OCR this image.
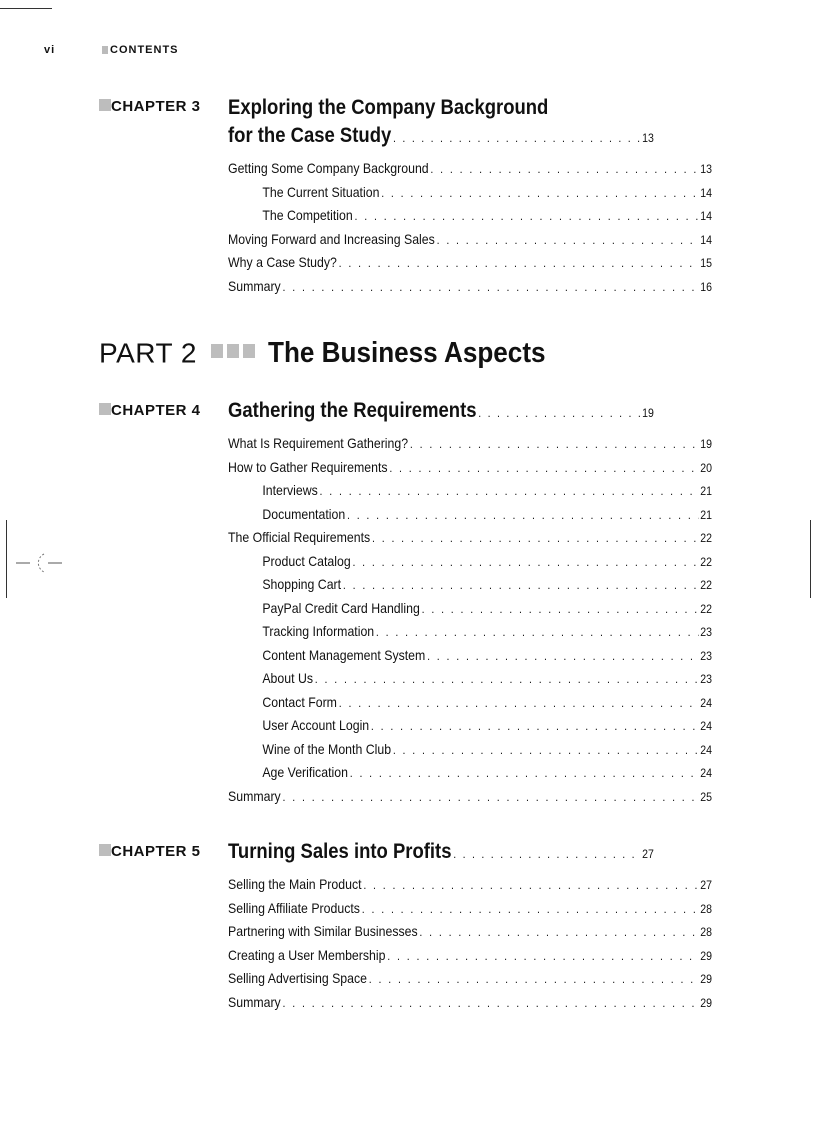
vi	CONTENTS
CHAPTER 3 Exploring the Company Background
for the Case Study . . .	13
Getting Some Company Background . . .	13
The Current Situation . . .	14
The Competition . . .	14
Moving Forward and Increasing Sales . . .	14
Why a Case Study? . . .	15
Summary . . .	16
PART 2 The Business Aspects
CHAPTER 4 Gathering the Requirements . . .	19
What Is Requirement Gathering? . . .	19
How to Gather Requirements . . .	20
Interviews . . .	21
Documentation . . .	21
The Official Requirements . . .	22
Product Catalog . . .	22
Shopping Cart . . .	22
PayPal Credit Card Handling . . .	22
Tracking Information . . .	23
Content Management System . . .	23
About Us . . .	23
Contact Form . . .	24
User Account Login . . .	24
Wine of the Month Club . . .	24
Age Verification . . .	24
Summary . . .	25
CHAPTER 5 Turning Sales into Profits . . .	27
Selling the Main Product . . .	27
Selling Affiliate Products . . .	28
Partnering with Similar Businesses . . .	28
Creating a User Membership . . .	29
Selling Advertising Space . . .	29
Summary . . .	29
